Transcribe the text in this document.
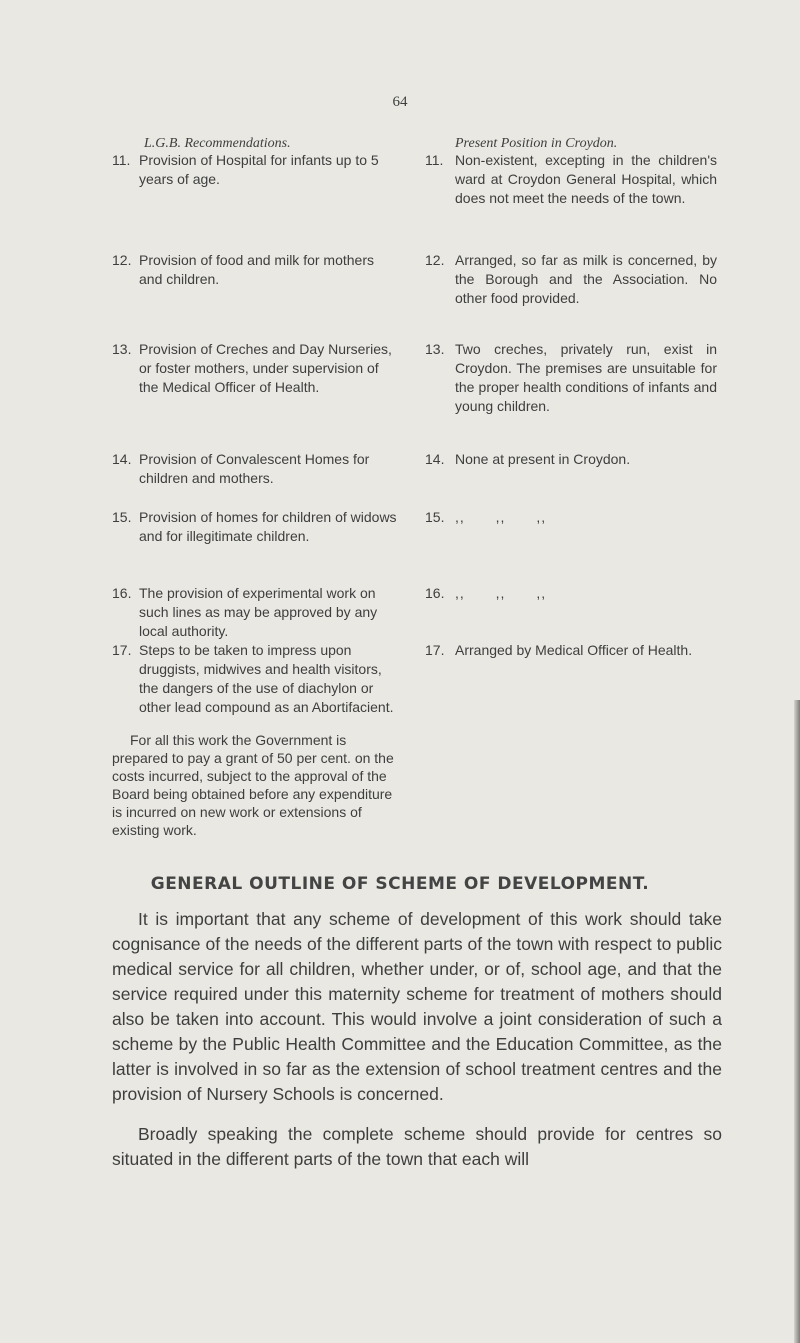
64
L.G.B. Recommendations.	Present Position in Croydon.
11. Provision of Hospital for infants up to 5 years of age.
11. Non-existent, excepting in the children's ward at Croydon General Hospital, which does not meet the needs of the town.
12. Provision of food and milk for mothers and children.
12. Arranged, so far as milk is concerned, by the Borough and the Association. No other food provided.
13. Provision of Creches and Day Nurseries, or foster mothers, under supervision of the Medical Officer of Health.
13. Two creches, privately run, exist in Croydon. The premises are unsuitable for the proper health conditions of infants and young children.
14. Provision of Convalescent Homes for children and mothers.
14. None at present in Croydon.
15. Provision of homes for children of widows and for illegitimate children.
15. ,, ,, ,,
16. The provision of experimental work on such lines as may be approved by any local authority.
16. ,, ,, ,,
17. Steps to be taken to impress upon druggists, midwives and health visitors, the dangers of the use of diachylon or other lead compound as an Abortifacient.
17. Arranged by Medical Officer of Health.
For all this work the Government is prepared to pay a grant of 50 per cent. on the costs incurred, subject to the approval of the Board being obtained before any expenditure is incurred on new work or extensions of existing work.
GENERAL OUTLINE OF SCHEME OF DEVELOPMENT.
It is important that any scheme of development of this work should take cognisance of the needs of the different parts of the town with respect to public medical service for all children, whether under, or of, school age, and that the service required under this maternity scheme for treatment of mothers should also be taken into account. This would involve a joint consideration of such a scheme by the Public Health Committee and the Education Committee, as the latter is involved in so far as the extension of school treatment centres and the provision of Nursery Schools is concerned.
Broadly speaking the complete scheme should provide for centres so situated in the different parts of the town that each will
